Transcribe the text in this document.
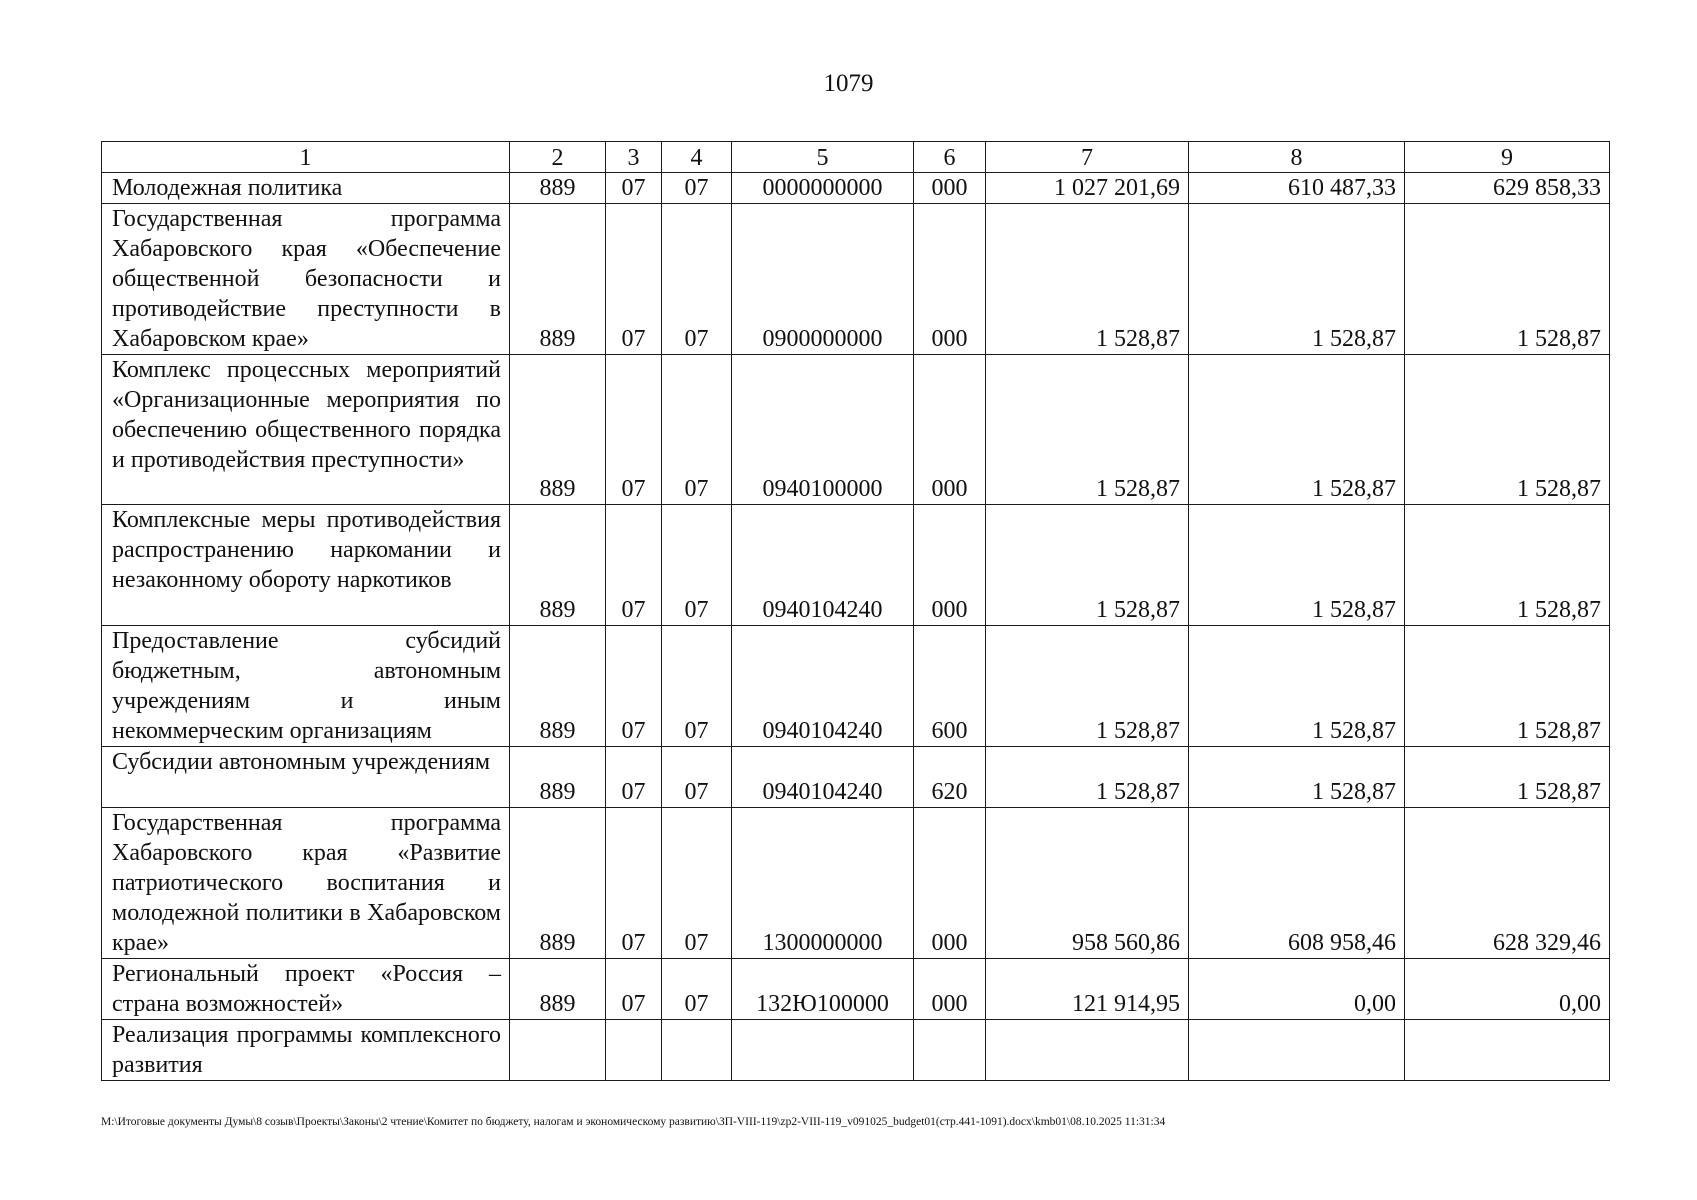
1079
1	2	3	4	5	6	7	8	9
Молодежная политика	889	07	07	0000000000	000	1 027 201,69	610 487,33	629 858,33
Государственная программа Хабаровского края «Обеспечение общественной безопасности и противодействие преступности в Хабаровском крае»	889	07	07	0900000000	000	1 528,87	1 528,87	1 528,87
Комплекс процессных мероприятий «Организационные мероприятия по обеспечению общественного порядка и противодействия преступности»	889	07	07	0940100000	000	1 528,87	1 528,87	1 528,87
Комплексные меры противодействия распространению наркомании и незаконному обороту наркотиков	889	07	07	0940104240	000	1 528,87	1 528,87	1 528,87
Предоставление субсидий бюджетным, автономным учреждениям и иным некоммерческим организациям	889	07	07	0940104240	600	1 528,87	1 528,87	1 528,87
Субсидии автономным учреждениям	889	07	07	0940104240	620	1 528,87	1 528,87	1 528,87
Государственная программа Хабаровского края «Развитие патриотического воспитания и молодежной политики в Хабаровском крае»	889	07	07	1300000000	000	958 560,86	608 958,46	628 329,46
Региональный проект «Россия – страна возможностей»	889	07	07	132Ю100000	000	121 914,95	0,00	0,00
Реализация программы комплексного развития								
M:\Итоговые документы Думы\8 созыв\Проекты\Законы\2 чтение\Комитет по бюджету, налогам и экономическому развитию\ЗП-VIII-119\zp2-VIII-119_v091025_budget01(стр.441-1091).docx\kmb01\08.10.2025 11:31:34
